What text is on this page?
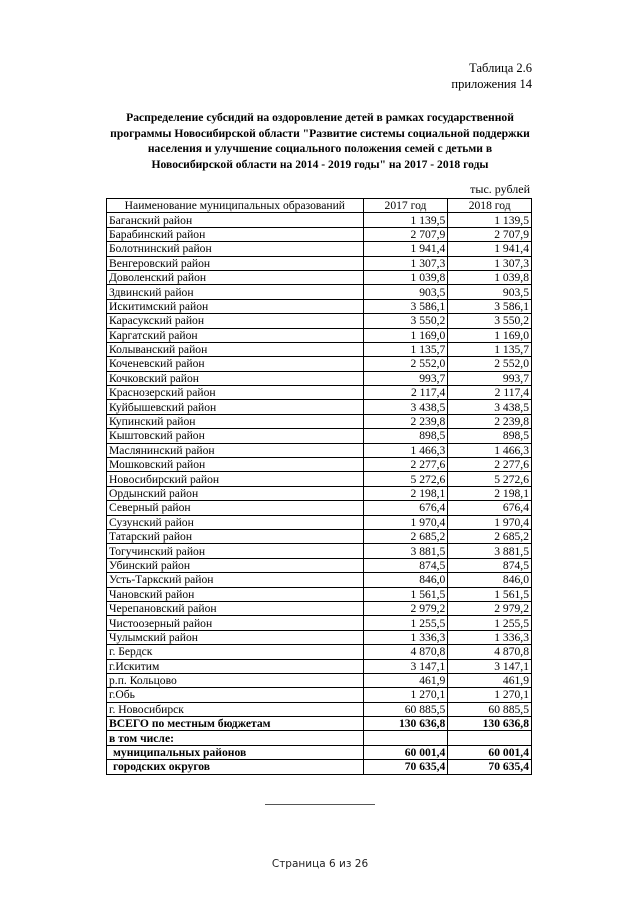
Таблица 2.6
приложения 14
Распределение субсидий на оздоровление детей в рамках государственной программы Новосибирской области "Развитие системы социальной поддержки населения и улучшение социального положения семей с детьми в Новосибирской области на 2014 - 2019 годы" на 2017 - 2018 годы
тыс. рублей
Наименование муниципальных образований	2017 год	2018 год
Баганский район	1 139,5	1 139,5
Барабинский район	2 707,9	2 707,9
Болотнинский район	1 941,4	1 941,4
Венгеровский район	1 307,3	1 307,3
Доволенский район	1 039,8	1 039,8
Здвинский район	903,5	903,5
Искитимский район	3 586,1	3 586,1
Карасукский район	3 550,2	3 550,2
Каргатский район	1 169,0	1 169,0
Колыванский район	1 135,7	1 135,7
Коченевский район	2 552,0	2 552,0
Кочковский район	993,7	993,7
Краснозерский район	2 117,4	2 117,4
Куйбышевский район	3 438,5	3 438,5
Купинский район	2 239,8	2 239,8
Кыштовский район	898,5	898,5
Маслянинский район	1 466,3	1 466,3
Мошковский район	2 277,6	2 277,6
Новосибирский район	5 272,6	5 272,6
Ордынский район	2 198,1	2 198,1
Северный район	676,4	676,4
Сузунский район	1 970,4	1 970,4
Татарский район	2 685,2	2 685,2
Тогучинский район	3 881,5	3 881,5
Убинский район	874,5	874,5
Усть-Таркский район	846,0	846,0
Чановский район	1 561,5	1 561,5
Черепановский район	2 979,2	2 979,2
Чистоозерный район	1 255,5	1 255,5
Чулымский район	1 336,3	1 336,3
г. Бердск	4 870,8	4 870,8
г.Искитим	3 147,1	3 147,1
р.п. Кольцово	461,9	461,9
г.Обь	1 270,1	1 270,1
г. Новосибирск	60 885,5	60 885,5
ВСЕГО по местным бюджетам	130 636,8	130 636,8
в том числе:		
муниципальных районов	60 001,4	60 001,4
городских округов	70 635,4	70 635,4
Страница 6 из 26
